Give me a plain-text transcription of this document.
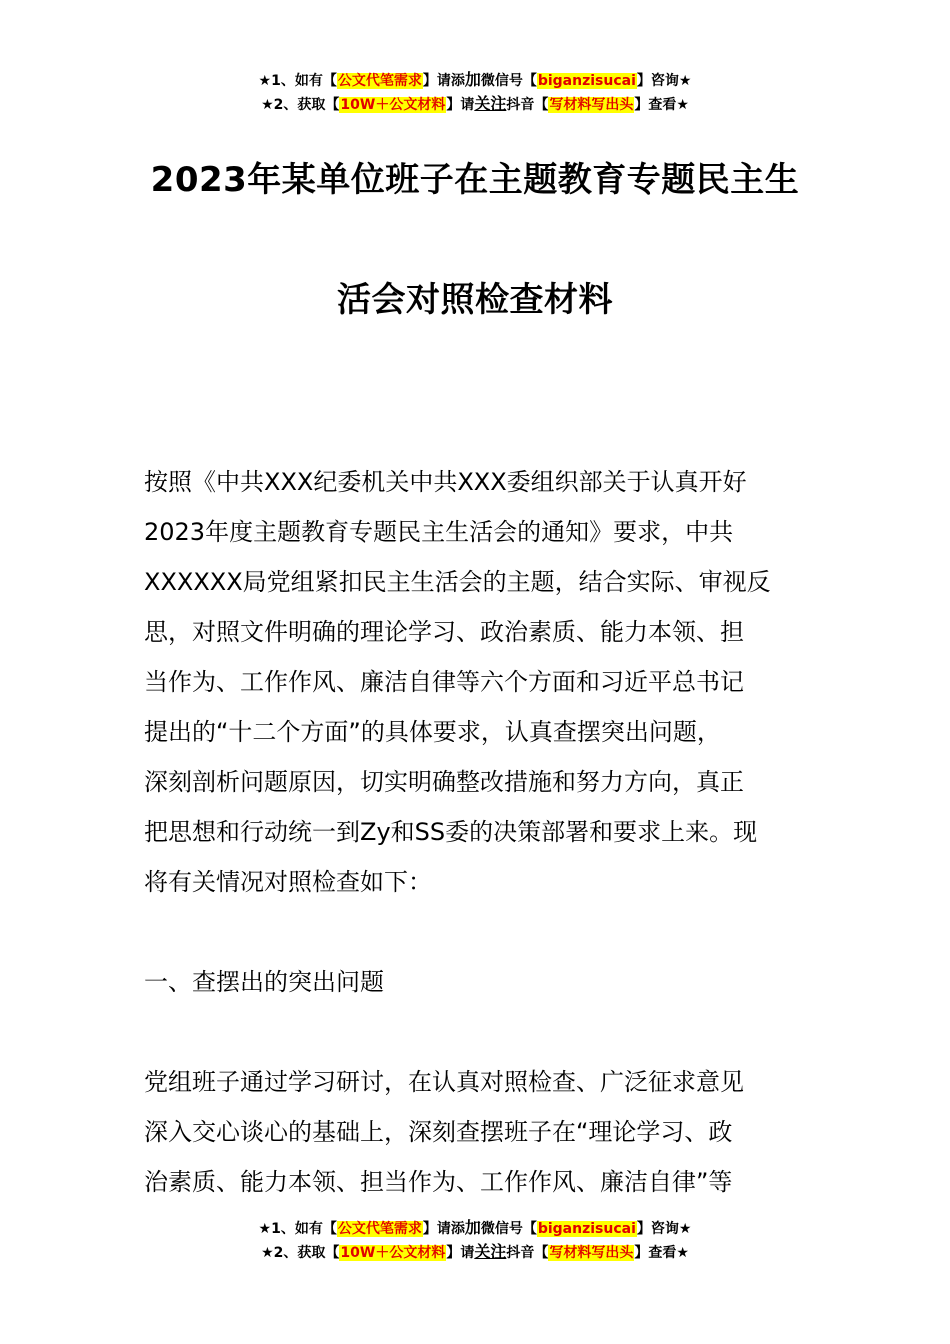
★1、如有【公文代笔需求】请添加微信号【biganzisucai】咨询★
★2、获取【10W＋公文材料】请关注抖音【写材料写出头】查看★
2023年某单位班子在主题教育专题民主生
活会对照检查材料
按照《中共XXX纪委机关中共XXX委组织部关于认真开好
2023年度主题教育专题民主生活会的通知》要求，中共
XXXXXX局党组紧扣民主生活会的主题，结合实际、审视反
思，对照文件明确的理论学习、政治素质、能力本领、担
当作为、工作作风、廉洁自律等六个方面和习近平总书记
提出的“十二个方面”的具体要求，认真查摆突出问题，
深刻剖析问题原因，切实明确整改措施和努力方向，真正
把思想和行动统一到Zy和SS委的决策部署和要求上来。现
将有关情况对照检查如下：
一、查摆出的突出问题
党组班子通过学习研讨，在认真对照检查、广泛征求意见
深入交心谈心的基础上，深刻查摆班子在“理论学习、政
治素质、能力本领、担当作为、工作作风、廉洁自律”等
★1、如有【公文代笔需求】请添加微信号【biganzisucai】咨询★
★2、获取【10W＋公文材料】请关注抖音【写材料写出头】查看★
